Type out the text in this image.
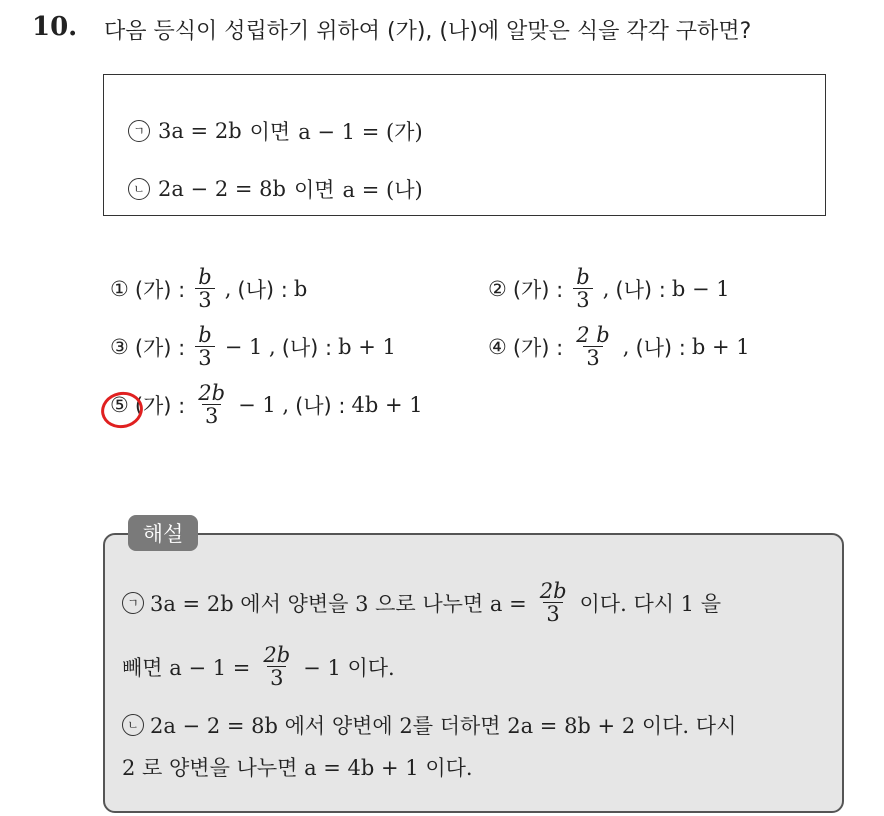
10. 다음 등식이 성립하기 위하여 (가), (나)에 알맞은 식을 각각 구하면?
ㄱ 3a = 2b 이면 a − 1 = (가)
ㄴ 2a − 2 = 8b 이면 a = (나)
① (가) : $\frac{b}{3}$ , (나) : b	② (가) : $\frac{b}{3}$ , (나) : b − 1
③ (가) : $\frac{b}{3} - 1$ , (나) : b + 1	④ (가) : $\frac{2 b}{3}$ , (나) : b + 1
⑤ (가) : $\frac{2b}{3} - 1$ , (나) : 4b + 1
해설
ㄱ 3a = 2b 에서 양변을 3 으로 나누면 $a = \frac{2b}{3}$ 이다. 다시 1 을
빼면 $a - 1 = \frac{2b}{3} - 1$ 이다.
ㄴ 2a − 2 = 8b 에서 양변에 2를 더하면 2a = 8b + 2 이다. 다시
2 로 양변을 나누면 a = 4b + 1 이다.
